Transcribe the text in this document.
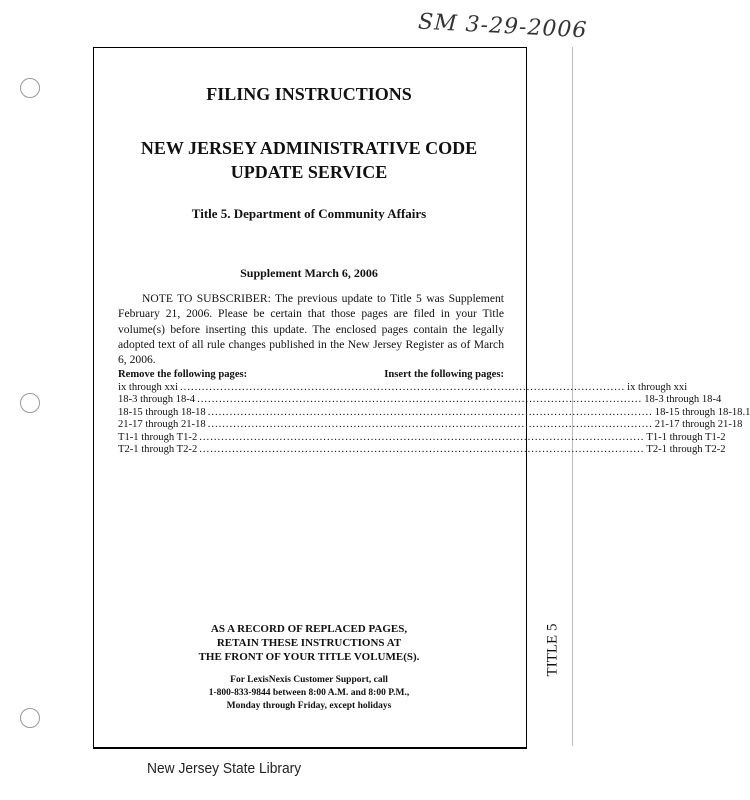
SM 3-29-2006
FILING INSTRUCTIONS
NEW JERSEY ADMINISTRATIVE CODE
UPDATE SERVICE
Title 5. Department of Community Affairs
Supplement March 6, 2006
NOTE TO SUBSCRIBER: The previous update to Title 5 was Supplement February 21, 2006. Please be certain that those pages are filed in your Title volume(s) before inserting this update. The enclosed pages contain the legally adopted text of all rule changes published in the New Jersey Register as of March 6, 2006.
Remove the following pages:	Insert the following pages:
ix through xxi .......................................................................................................................... ix through xxi
18-3 through 18-4 .......................................................................................................................... 18-3 through 18-4
18-15 through 18-18 .......................................................................................................................... 18-15 through 18-18.1
21-17 through 21-18 .......................................................................................................................... 21-17 through 21-18
T1-1 through T1-2 .......................................................................................................................... T1-1 through T1-2
T2-1 through T2-2 .......................................................................................................................... T2-1 through T2-2
AS A RECORD OF REPLACED PAGES,
RETAIN THESE INSTRUCTIONS AT
THE FRONT OF YOUR TITLE VOLUME(S).
For LexisNexis Customer Support, call
1-800-833-9844 between 8:00 A.M. and 8:00 P.M.,
Monday through Friday, except holidays
TITLE 5
New Jersey State Library
